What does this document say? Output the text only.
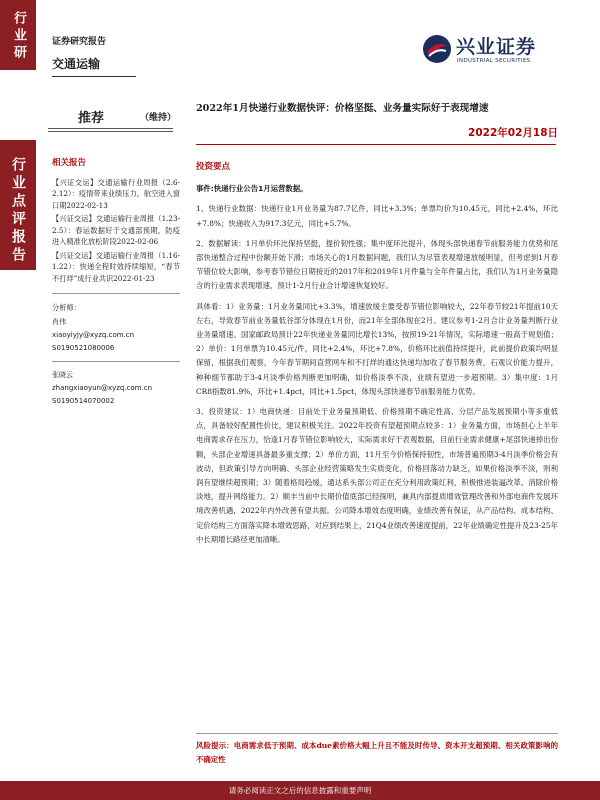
行业研
行业点评报告
证券研究报告
交通运输
兴业证券
INDUSTRIAL SECURITIES
推荐	（维持）
2022年1月快递行业数据快评：价格坚挺、业务量实际好于表现增速
2022年02月18日
相关报告
【兴证交运】交通运输行业周报（2.6-2.12）：疫情带来业绩压力，航空进入窗口期2022-02-13
【兴证交运】交通运输行业周报（1.23-2.5）：春运数据好于交通部预期，防疫进入精准化放松阶段2022-02-06
【兴证交运】交通运输行业周报（1.16-1.22）：快递全程时效持续缩短，“春节不打烊”成行业共识2022-01-23
分析师：
肖伟
xiaoyiyjy@xyzq.com.cn
S0190521080006
张晓云
zhangxiaoyun@xyzq.com.cn
S0190514070002
投资要点

事件:快递行业公告1月运营数据。

1、快递行业数据：快递行业1月业务量为87.7亿件，同比+3.3%；单票均价为10.45元，同比+2.4%，环比+7.8%；快递收入为917.3亿元，同比+5.7%。

2、数据解读：1月单价环比保持坚挺，提价韧性强；集中度环比提升，体现头部快递春节前服务能力优势和尾部快递整合过程中份额开始下滑；市场关心的1月数据问题，我们认为尽管表观增速放缓明显，但考虑到1月春节错位较大影响，参考春节错位日期接近的2017年和2019年1月件量与全年件量占比，我们认为1月业务量隐含的行业需求表现增速，预计1-2月行业合计增速恢复较好。

具体看：1）业务量：1月业务量同比+3.3%，增速放缓主要受春节错位影响较大，22年春节较21年提前10天左右，导致春节前业务量低谷部分体现在1月份，而21年全部体现在2月。建议参考1-2月合计业务量判断行业业务量增速。国家邮政局预计22年快递业务量同比增长13%，按照19-21年情况，实际增速一般高于规划值；2）单价：1月单票为10.45元/件，同比+2.4%，环比+7.8%，价格环比前值持续提升，此前提价政策均明显保留，根据我们观察，今年春节期间直营网车和不打烊的通达快递均加收了春节服务费，石观议价能力提升，种种细节都助于3-4月淡季价格判断更加明确，如价格淡季不淡，业绩有望进一步超预期。3）集中度：1月CR8指数81.9%，环比+1.4pct，同比+1.5pct，体现头部快递春节前服务能力优势。

3、投资建议：1）电商快递：目前处于业务量预期低、价格预期不确定性高、分层产品发展预期小等多重低点，具备较好配置性价比，建议积极关注。2022年投资有望超预期点较多：1）业务量方面，市场担心上半年电商需求存在压力，恰逢1月春节错位影响较大，实际需求好于表观数据，目前行业需求健康+尾部快递掉出份额，头部企业增速具备最多重支撑；2）单价方面，11月至今价格保持韧性，市场普遍预期3-4月淡季价格会有波动，但政策引导方向明确、头部企业经营策略发生实质变化，价格回落动力缺乏，如果价格淡季不淡，则利润有望继续超预期；3）随着格局趋缓，通达系头部公司正在充分利用政策红利，积极推进装逼改革、消除价格淡地，提升网络能力。2）顺丰当前中长期价值底部已经探明，兼具内部提质增效管理改善和外部电商件发展环境改善机遇，2022年内外改善有望共振。公司降本增效态度明确，业绩改善有保证，从产品结构、成本结构、定价结构三方面落实降本增效思路，对应到结果上，21Q4业绩改善速度提前，22年业绩确定性提升及23-25年中长期增长路径更加清晰。

风险提示：电商需求低于预期、成本due素价格大幅上升且不能及时传导、资本开支超预期、相关政策影响的不确定性
请务必阅读正文之后的信息披露和重要声明
